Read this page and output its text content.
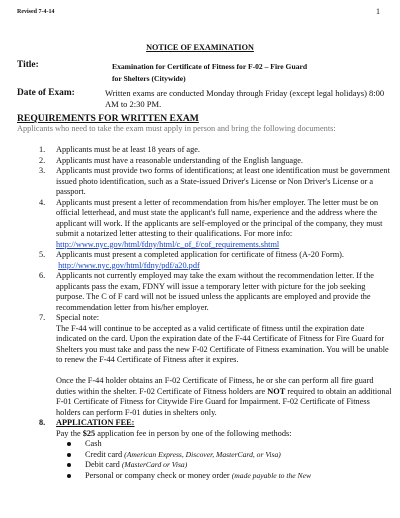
Revised 7-4-14	1
NOTICE OF EXAMINATION
Title:	Examination for Certificate of Fitness for F-02 – Fire Guard for Shelters (Citywide)
Date of Exam:	Written exams are conducted Monday through Friday (except legal holidays) 8:00 AM to 2:30 PM.
REQUIREMENTS FOR WRITTEN EXAM
Applicants who need to take the exam must apply in person and bring the following documents:
1. Applicants must be at least 18 years of age.
2. Applicants must have a reasonable understanding of the English language.
3. Applicants must provide two forms of identifications; at least one identification must be government issued photo identification, such as a State-issued Driver's License or Non Driver's License or a passport.
4. Applicants must present a letter of recommendation from his/her employer. The letter must be on official letterhead, and must state the applicant's full name, experience and the address where the applicant will work. If the applicants are self-employed or the principal of the company, they must submit a notarized letter attesting to their qualifications. For more info: http://www.nyc.gov/html/fdny/html/c_of_f/cof_requirements.shtml
5. Applicants must present a completed application for certificate of fitness (A-20 Form).  http://www.nyc.gov/html/fdny/pdf/a20.pdf
6. Applicants not currently employed may take the exam without the recommendation letter. If the applicants pass the exam, FDNY will issue a temporary letter with picture for the job seeking purpose. The C of F card will not be issued unless the applicants are employed and provide the recommendation letter from his/her employer.
7. Special note:
The F-44 will continue to be accepted as a valid certificate of fitness until the expiration date indicated on the card. Upon the expiration date of the F-44 Certificate of Fitness for Fire Guard for Shelters you must take and pass the new F-02 Certificate of Fitness examination. You will be unable to renew the F-44 Certificate of Fitness after it expires.
Once the F-44 holder obtains an F-02 Certificate of Fitness, he or she can perform all fire guard duties within the shelter. F-02 Certificate of Fitness holders are NOT required to obtain an additional F-01 Certificate of Fitness for Citywide Fire Guard for Impairment. F-02 Certificate of Fitness holders can perform F-01 duties in shelters only.
8. APPLICATION FEE:
Pay the $25 application fee in person by one of the following methods:
Cash
Credit card (American Express, Discover, MasterCard, or Visa)
Debit card (MasterCard or Visa)
Personal or company check or money order (made payable to the New
